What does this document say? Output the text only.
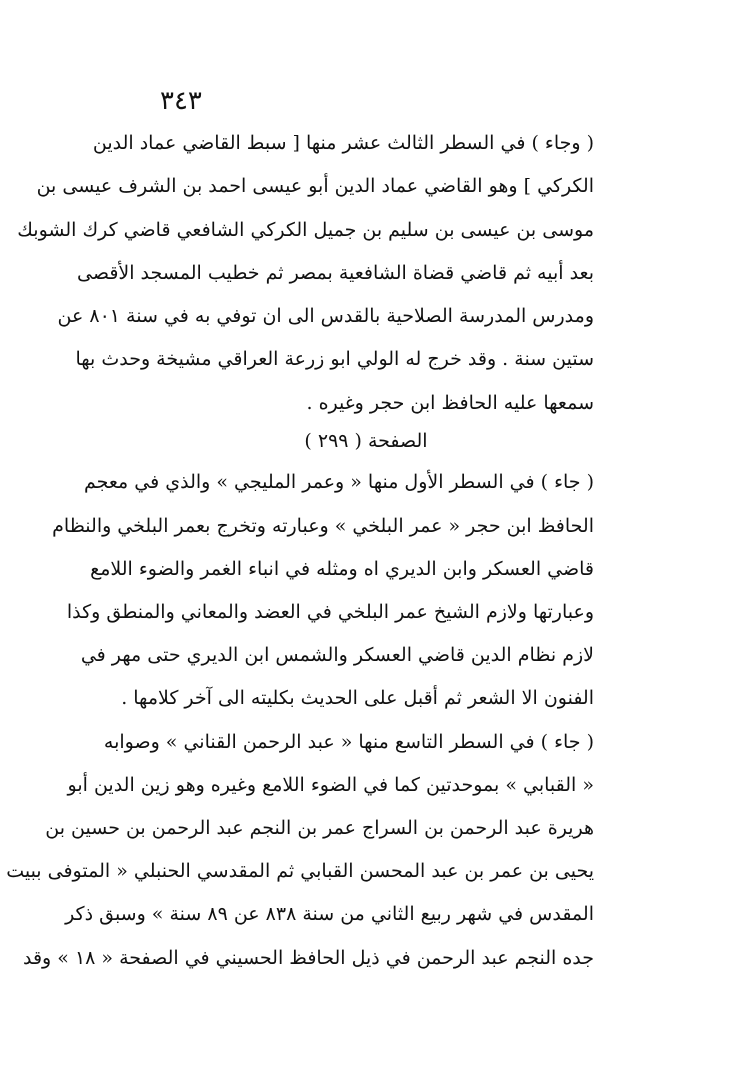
٣٤٣
( وجاء ) في السطر الثالث عشر منها [ سبط القاضي عماد الدين
الكركي ] وهو القاضي عماد الدين أبو عيسى احمد بن الشرف عيسى بن
موسى بن عيسى بن سليم بن جميل الكركي الشافعي قاضي كرك الشوبك
بعد أبيه ثم قاضي قضاة الشافعية بمصر ثم خطيب المسجد الأقصى
ومدرس المدرسة الصلاحية بالقدس الى ان توفي به في سنة ٨٠١ عن
ستين سنة . وقد خرج له الولي ابو زرعة العراقي مشيخة وحدث بها
سمعها عليه الحافظ ابن حجر وغيره .
الصفحة ( ٢٩٩ )
( جاء ) في السطر الأول منها « وعمر المليجي » والذي في معجم
الحافظ ابن حجر « عمر البلخي » وعبارته وتخرج بعمر البلخي والنظام
قاضي العسكر وابن الديري اه ومثله في انباء الغمر والضوء اللامع
وعبارتها ولازم الشيخ عمر البلخي في العضد والمعاني والمنطق وكذا
لازم نظام الدين قاضي العسكر والشمس ابن الديري حتى مهر في
الفنون الا الشعر ثم أقبل على الحديث بكليته الى آخر كلامها .
( جاء ) في السطر التاسع منها « عبد الرحمن القناني » وصوابه
« القبابي » بموحدتين كما في الضوء اللامع وغيره وهو زين الدين أبو
هريرة عبد الرحمن بن السراج عمر بن النجم عبد الرحمن بن حسين بن
يحيى بن عمر بن عبد المحسن القبابي ثم المقدسي الحنبلي « المتوفى ببيت
المقدس في شهر ربيع الثاني من سنة ٨٣٨ عن ٨٩ سنة » وسبق ذكر
جده النجم عبد الرحمن في ذيل الحافظ الحسيني في الصفحة « ١٨ » وقد
